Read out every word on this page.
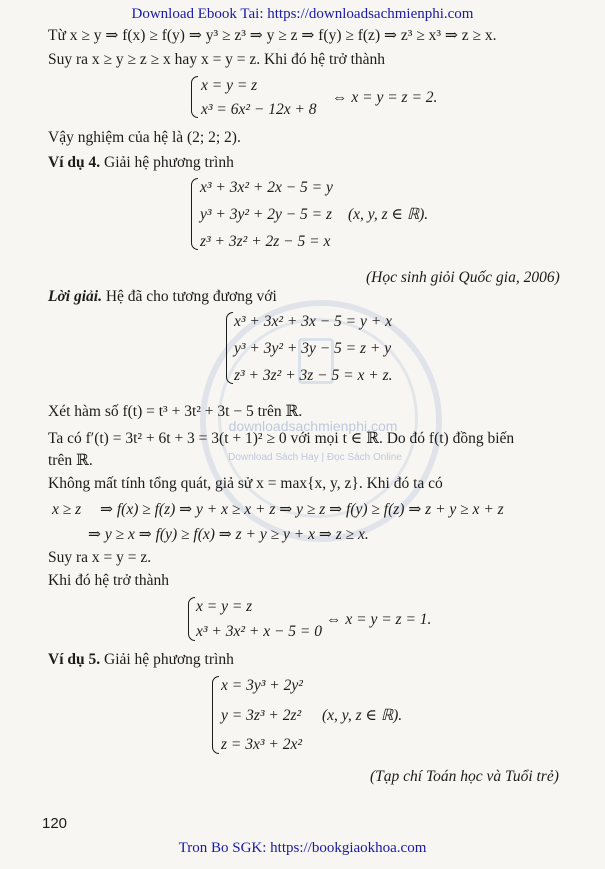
Download Ebook Tai: https://downloadsachmienphi.com
downloadsachmienphi.com
Download Sách Hay | Đọc Sách Online
Từ x ≥ y ⇒ f(x) ≥ f(y) ⇒ y³ ≥ z³ ⇒ y ≥ z ⇒ f(y) ≥ f(z) ⇒ z³ ≥ x³ ⇒ z ≥ x.
Suy ra x ≥ y ≥ z ≥ x hay x = y = z. Khi đó hệ trở thành
x = y = z
x³ = 6x² − 12x + 8
⇔ x = y = z = 2.
Vậy nghiệm của hệ là (2; 2; 2).
Ví dụ 4. Giải hệ phương trình
x³ + 3x² + 2x − 5 = y
y³ + 3y² + 2y − 5 = z
z³ + 3z² + 2z − 5 = x
(x, y, z ∈ ℝ).
(Học sinh giỏi Quốc gia, 2006)
Lời giải. Hệ đã cho tương đương với
x³ + 3x² + 3x − 5 = y + x
y³ + 3y² + 3y − 5 = z + y
z³ + 3z² + 3z − 5 = x + z.
Xét hàm số f(t) = t³ + 3t² + 3t − 5 trên ℝ.
Ta có f′(t) = 3t² + 6t + 3 = 3(t + 1)² ≥ 0 với mọi t ∈ ℝ. Do đó f(t) đồng biến
trên ℝ.
Không mất tính tổng quát, giả sử x = max{x, y, z}. Khi đó ta có
x ≥ z ⇒ f(x) ≥ f(z) ⇒ y + x ≥ x + z ⇒ y ≥ z ⇒ f(y) ≥ f(z) ⇒ z + y ≥ x + z
⇒ y ≥ x ⇒ f(y) ≥ f(x) ⇒ z + y ≥ y + x ⇒ z ≥ x.
Suy ra x = y = z.
Khi đó hệ trở thành
x = y = z
x³ + 3x² + x − 5 = 0
⇔ x = y = z = 1.
Ví dụ 5. Giải hệ phương trình
x = 3y³ + 2y²
y = 3z³ + 2z²
z = 3x³ + 2x²
(x, y, z ∈ ℝ).
(Tạp chí Toán học và Tuổi trẻ)
120
Tron Bo SGK: https://bookgiaokhoa.com
